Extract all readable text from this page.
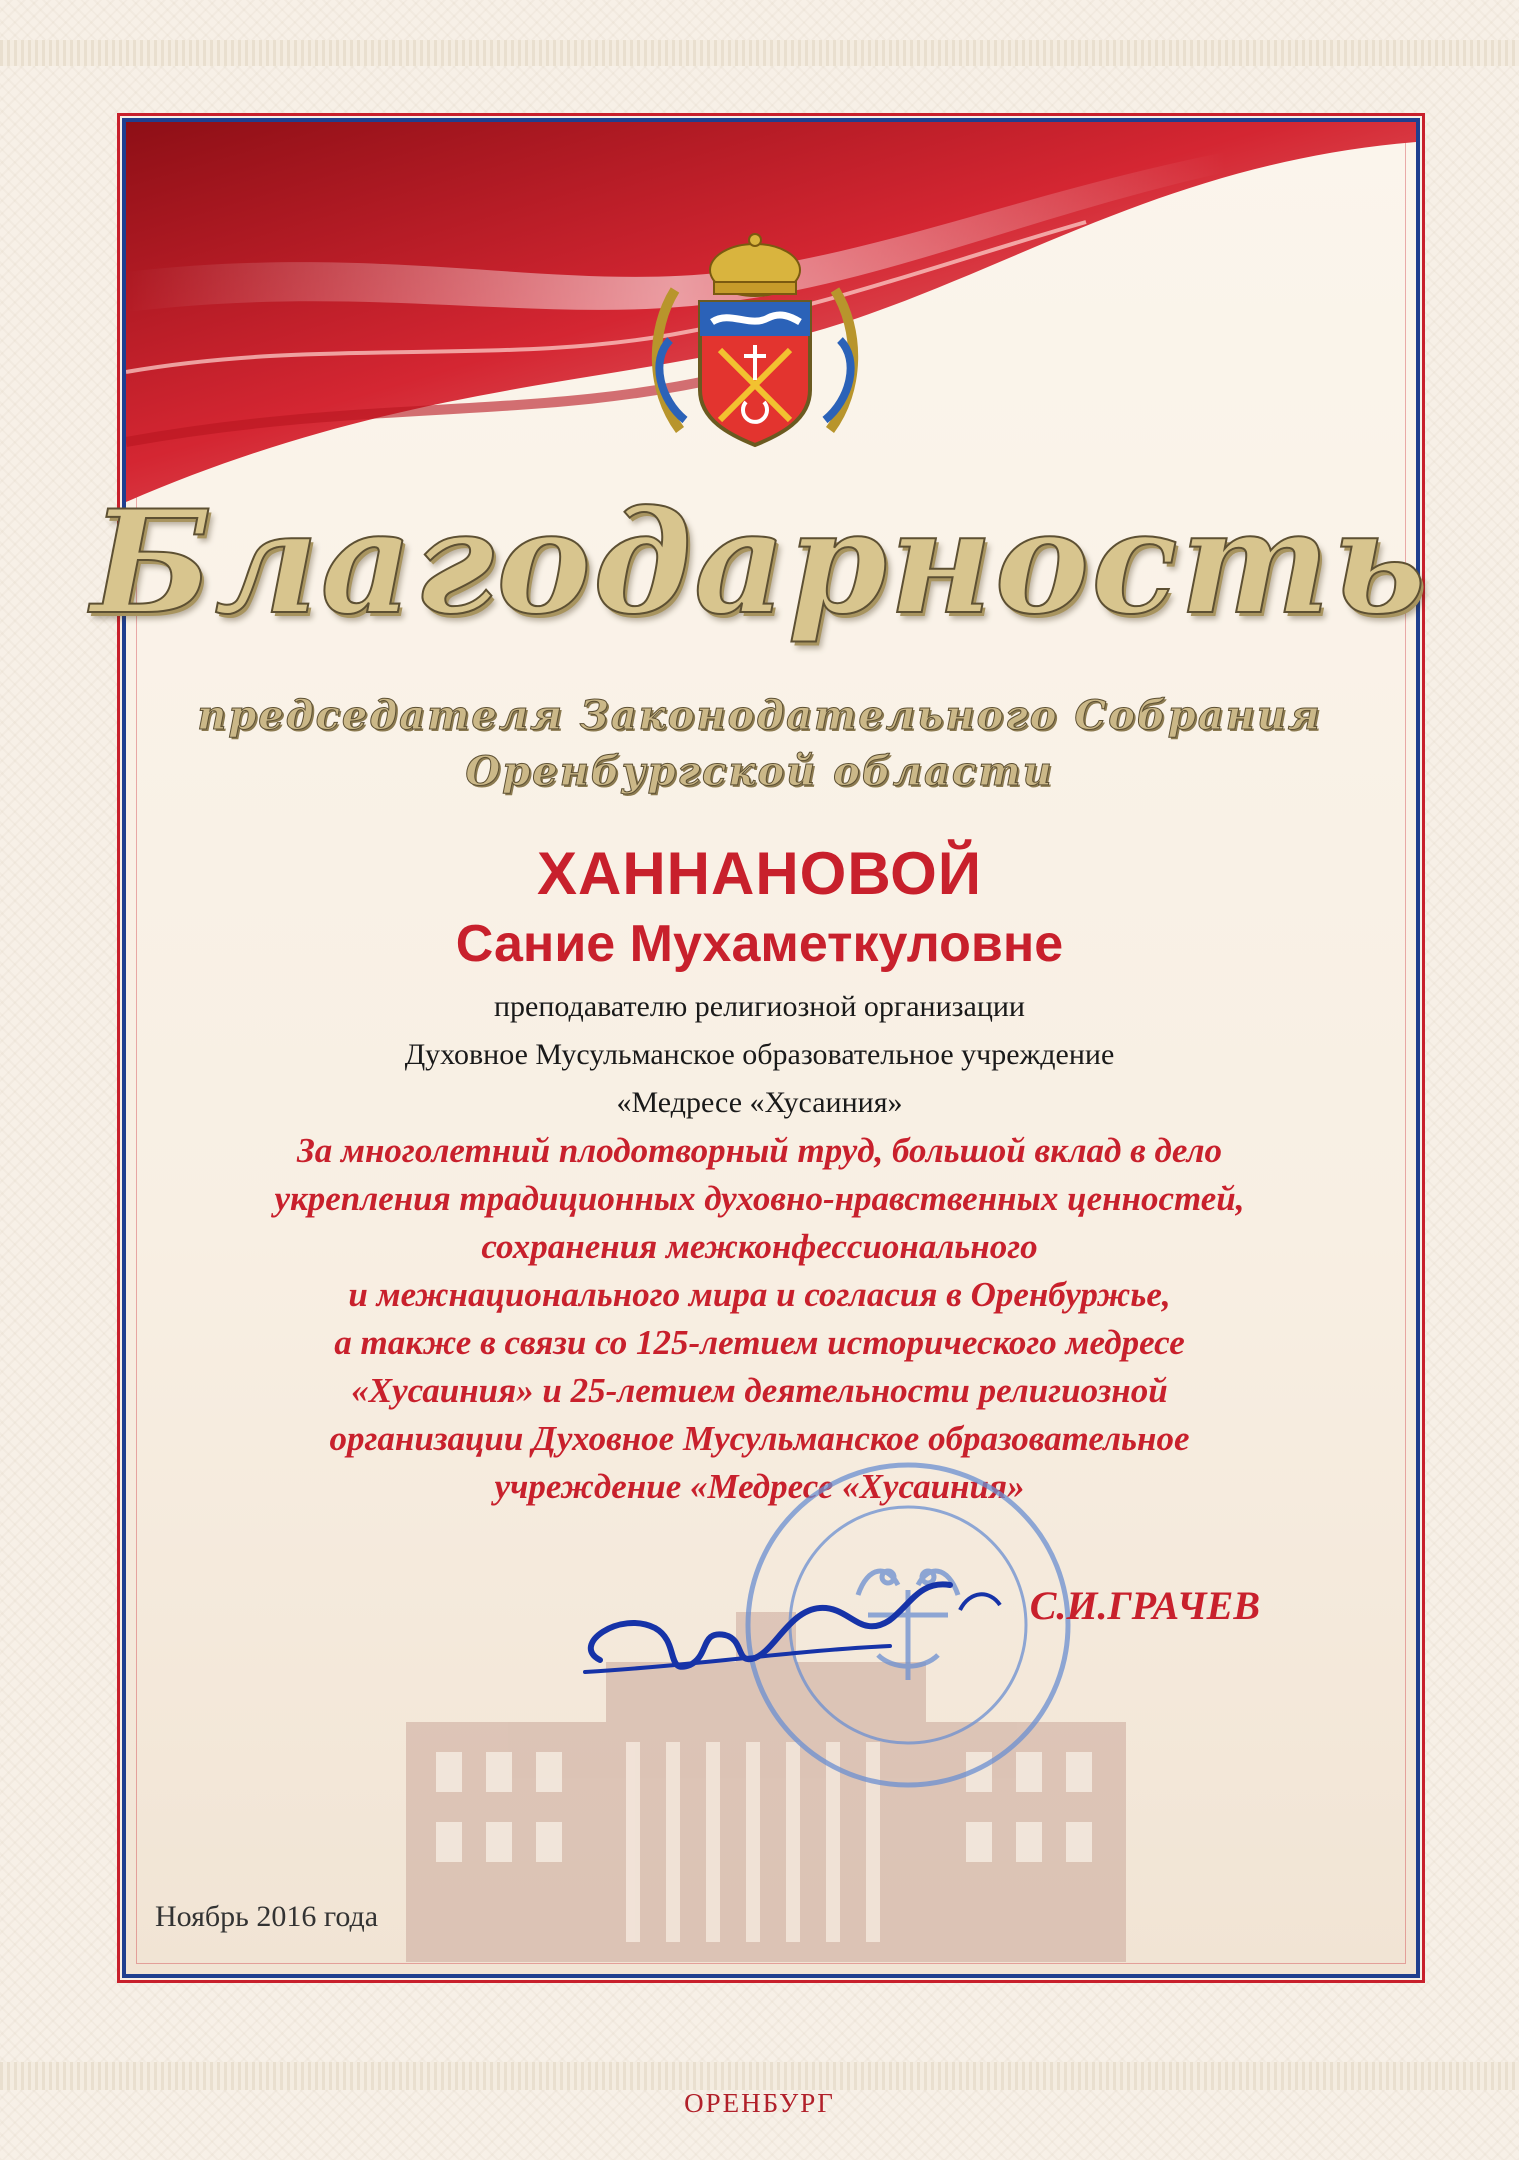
Благодарность
председателя Законодательного Собрания
Оренбургской области
ХАННАНОВОЙ
Сание Мухаметкуловне
преподавателю религиозной организации
Духовное Мусульманское образовательное учреждение
«Медресе «Хусаиния»
За многолетний плодотворный труд, большой вклад в дело
укрепления традиционных духовно-нравственных ценностей,
сохранения межконфессионального
и межнационального мира и согласия в Оренбуржье,
а также в связи со 125-летием исторического медресе
«Хусаиния» и 25-летием деятельности религиозной
организации Духовное Мусульманское образовательное
учреждение «Медресе «Хусаиния»
С.И.ГРАЧЕВ
Ноябрь 2016 года
ОРЕНБУРГ
